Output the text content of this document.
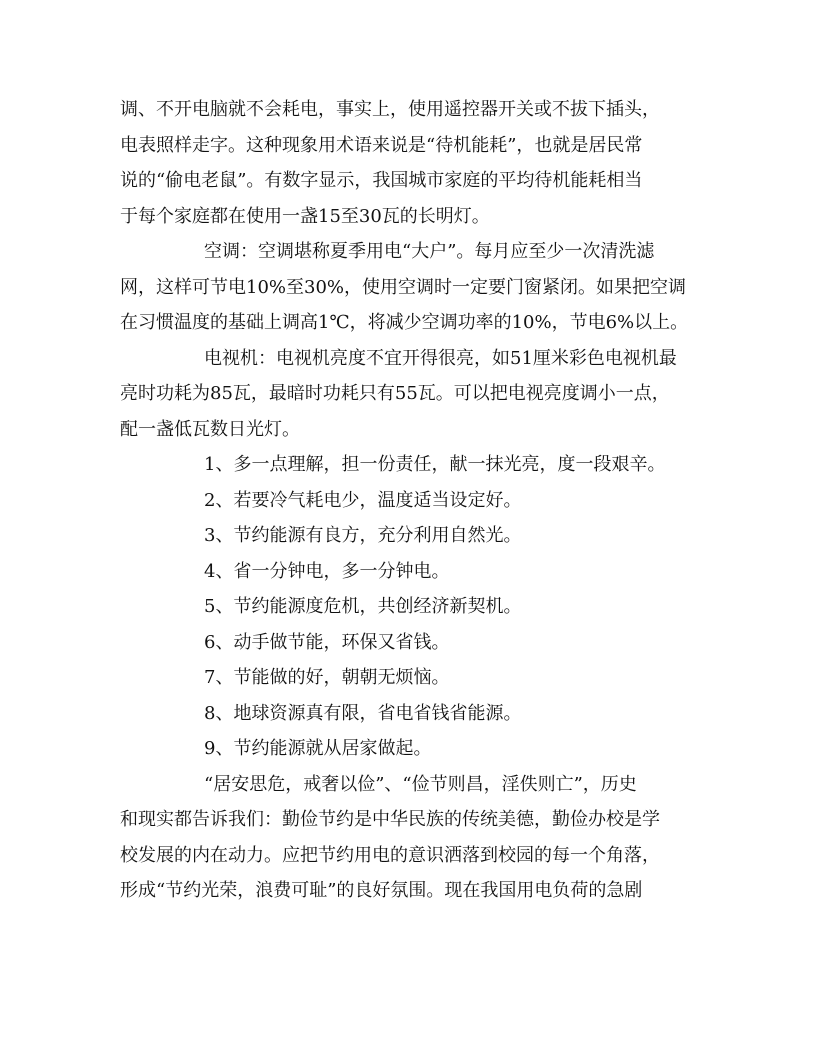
调、不开电脑就不会耗电，事实上，使用遥控器开关或不拔下插头，
电表照样走字。这种现象用术语来说是“待机能耗”，也就是居民常
说的“偷电老鼠”。有数字显示，我国城市家庭的平均待机能耗相当
于每个家庭都在使用一盏15至30瓦的长明灯。
空调：空调堪称夏季用电“大户”。每月应至少一次清洗滤
网，这样可节电10%至30%，使用空调时一定要门窗紧闭。如果把空调
在习惯温度的基础上调高1℃，将减少空调功率的10%，节电6%以上。
电视机：电视机亮度不宜开得很亮，如51厘米彩色电视机最
亮时功耗为85瓦，最暗时功耗只有55瓦。可以把电视亮度调小一点，
配一盏低瓦数日光灯。
1、多一点理解，担一份责任，献一抹光亮，度一段艰辛。
2、若要冷气耗电少，温度适当设定好。
3、节约能源有良方，充分利用自然光。
4、省一分钟电，多一分钟电。
5、节约能源度危机，共创经济新契机。
6、动手做节能，环保又省钱。
7、节能做的好，朝朝无烦恼。
8、地球资源真有限，省电省钱省能源。
9、节约能源就从居家做起。
“居安思危，戒奢以俭”、“俭节则昌，淫佚则亡”，历史
和现实都告诉我们：勤俭节约是中华民族的传统美德，勤俭办校是学
校发展的内在动力。应把节约用电的意识洒落到校园的每一个角落，
形成“节约光荣，浪费可耻”的良好氛围。现在我国用电负荷的急剧
